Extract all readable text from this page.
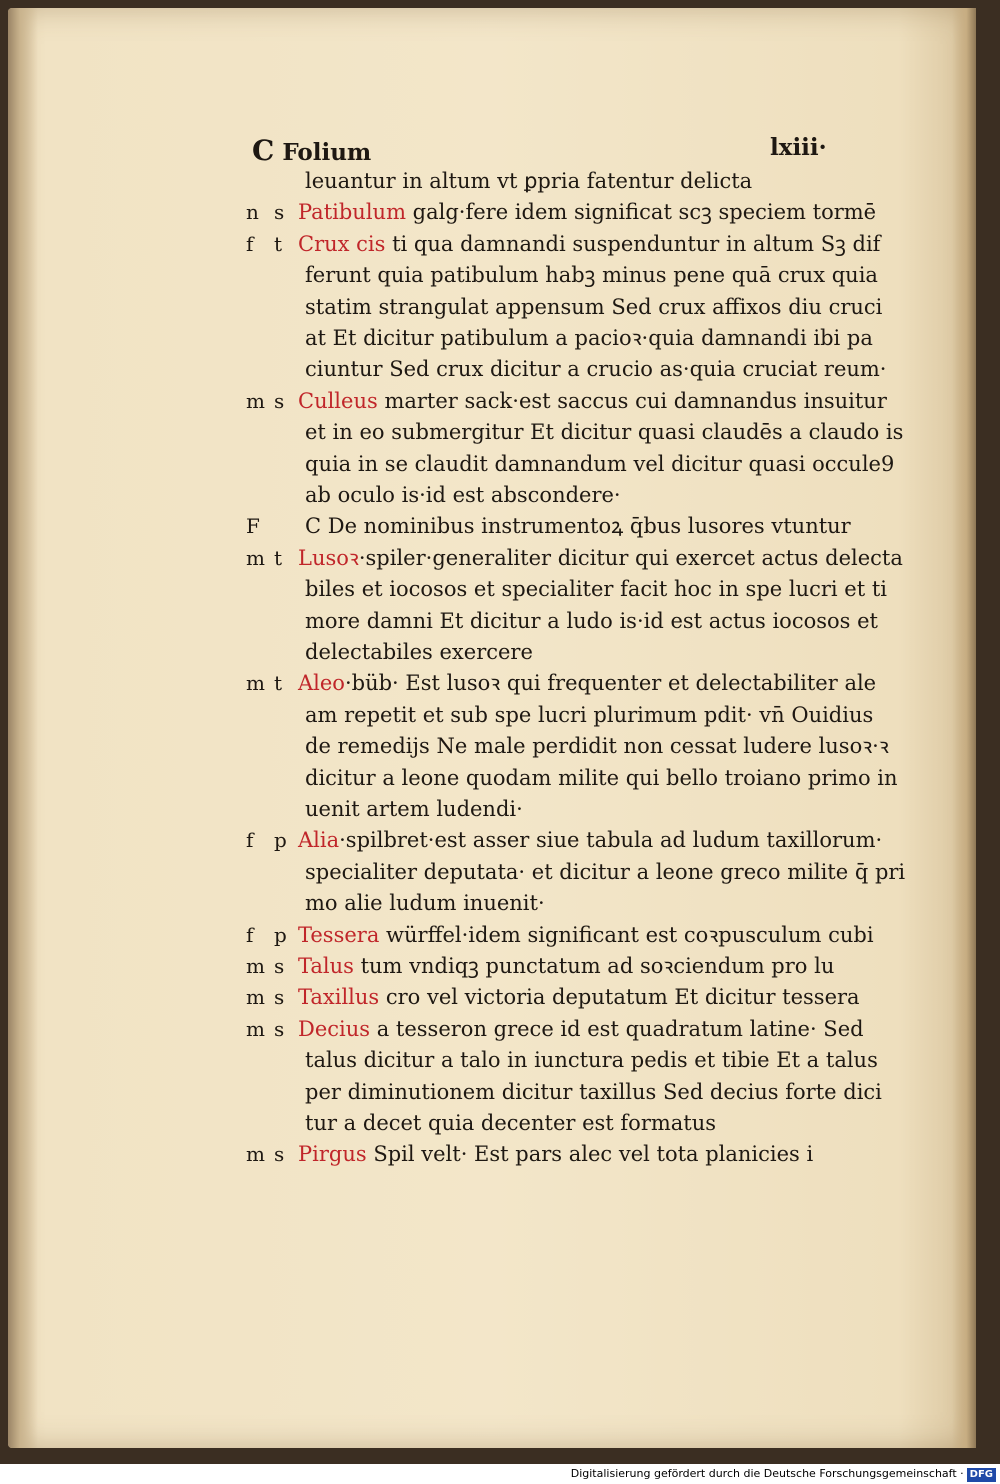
C Folium	lxiii·
leuantur in altum vt ꝑpria fatentur delicta
n s Patibulum galg·fere idem significat scꝫ speciem tormē
f t Crux cis ti qua damnandi suspenduntur in altum Sꝫ dif
ferunt quia patibulum habꝫ minus pene quā crux quia
statim strangulat appensum Sed crux affixos diu cruci
at Et dicitur patibulum a pacioꝛ·quia damnandi ibi pa
ciuntur Sed crux dicitur a crucio as·quia cruciat reum·
m s Culleus marter sack·est saccus cui damnandus insuitur
et in eo submergitur Et dicitur quasi claudēs a claudo is
quia in se claudit damnandum vel dicitur quasi occule9
ab oculo is·id est abscondere·
F C De nominibus instrumentoꝝ q̄bus lusores vtuntur
m t Lusoꝛ·spiler·generaliter dicitur qui exercet actus delecta
biles et iocosos et specialiter facit hoc in spe lucri et ti
more damni Et dicitur a ludo is·id est actus iocosos et
delectabiles exercere
m t Aleo·büb· Est lusoꝛ qui frequenter et delectabiliter ale
am repetit et sub spe lucri plurimum pdit· vn̄ Ouidius
de remedijs Ne male perdidit non cessat ludere lusoꝛ·ꝛ
dicitur a leone quodam milite qui bello troiano primo in
uenit artem ludendi·
f p Alia·spilbret·est asser siue tabula ad ludum taxillorum·
specialiter deputata· et dicitur a leone greco milite q̄ pri
mo alie ludum inuenit·
f p Tessera würffel·idem significant est coꝛpusculum cubi
m s Talus tum vndiqꝫ punctatum ad soꝛciendum pro lu
m s Taxillus cro vel victoria deputatum Et dicitur tessera
m s Decius a tesseron grece id est quadratum latine· Sed
talus dicitur a talo in iunctura pedis et tibie Et a talus
per diminutionem dicitur taxillus Sed decius forte dici
tur a decet quia decenter est formatus
m s Pirgus Spil velt· Est pars alec vel tota planicies i
Digitalisierung gefördert durch die Deutsche Forschungsgemeinschaft · DFG
